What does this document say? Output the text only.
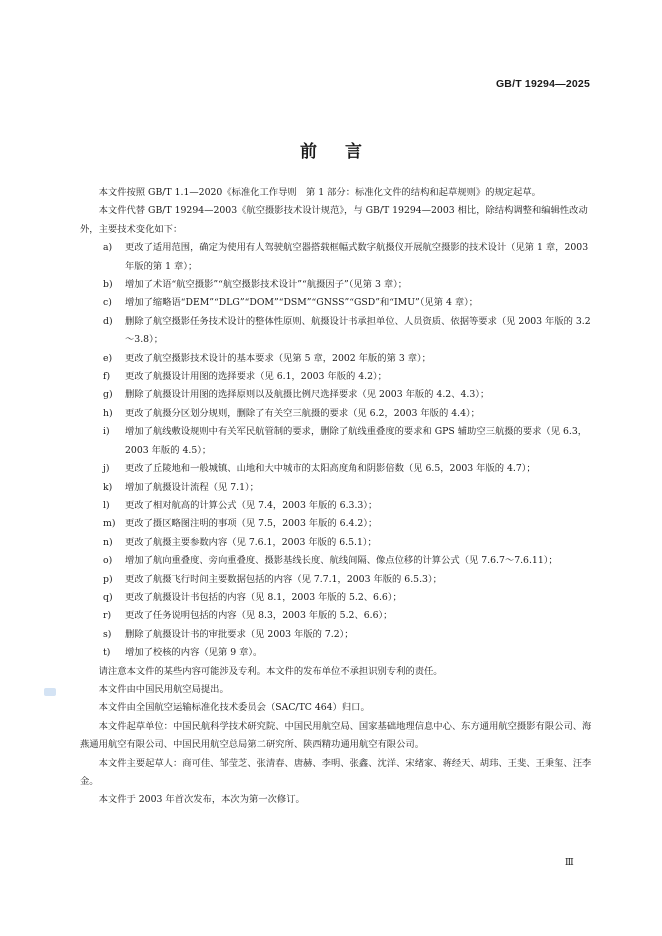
GB/T 19294—2025
前言

本文件按照 GB/T 1.1—2020《标准化工作导则　第 1 部分：标准化文件的结构和起草规则》的规定起草。

本文件代替 GB/T 19294—2003《航空摄影技术设计规范》，与 GB/T 19294—2003 相比，除结构调整和编辑性改动外，主要技术变化如下：

a) 更改了适用范围，确定为使用有人驾驶航空器搭载框幅式数字航摄仪开展航空摄影的技术设计（见第 1 章，2003 年版的第 1 章）；
b) 增加了术语“航空摄影”“航空摄影技术设计”“航摄因子”（见第 3 章）；
c) 增加了缩略语“DEM”“DLG”“DOM”“DSM”“GNSS”“GSD”和“IMU”（见第 4 章）；
d) 删除了航空摄影任务技术设计的整体性原则、航摄设计书承担单位、人员资质、依据等要求（见 2003 年版的 3.2～3.8）；
e) 更改了航空摄影技术设计的基本要求（见第 5 章，2002 年版的第 3 章）；
f) 更改了航摄设计用图的选择要求（见 6.1，2003 年版的 4.2）；
g) 删除了航摄设计用图的选择原则以及航摄比例尺选择要求（见 2003 年版的 4.2、4.3）；
h) 更改了航摄分区划分规则，删除了有关空三航摄的要求（见 6.2，2003 年版的 4.4）；
i) 增加了航线敷设规则中有关军民航管制的要求，删除了航线重叠度的要求和 GPS 辅助空三航摄的要求（见 6.3，2003 年版的 4.5）；
j) 更改了丘陵地和一般城镇、山地和大中城市的太阳高度角和阴影倍数（见 6.5，2003 年版的 4.7）；
k) 增加了航摄设计流程（见 7.1）；
l) 更改了相对航高的计算公式（见 7.4，2003 年版的 6.3.3）；
m) 更改了摄区略图注明的事项（见 7.5，2003 年版的 6.4.2）；
n) 更改了航摄主要参数内容（见 7.6.1，2003 年版的 6.5.1）；
o) 增加了航向重叠度、旁向重叠度、摄影基线长度、航线间隔、像点位移的计算公式（见 7.6.7～7.6.11）；
p) 更改了航摄飞行时间主要数据包括的内容（见 7.7.1，2003 年版的 6.5.3）；
q) 更改了航摄设计书包括的内容（见 8.1，2003 年版的 5.2、6.6）；
r) 更改了任务说明包括的内容（见 8.3，2003 年版的 5.2、6.6）；
s) 删除了航摄设计书的审批要求（见 2003 年版的 7.2）；
t) 增加了校核的内容（见第 9 章）。

请注意本文件的某些内容可能涉及专利。本文件的发布单位不承担识别专利的责任。

本文件由中国民用航空局提出。

本文件由全国航空运输标准化技术委员会（SAC/TC 464）归口。

本文件起草单位：中国民航科学技术研究院、中国民用航空局、国家基础地理信息中心、东方通用航空摄影有限公司、海燕通用航空有限公司、中国民用航空总局第二研究所、陕西精功通用航空有限公司。

本文件主要起草人：商可佳、邹莹芝、张清春、唐赫、李明、张鑫、沈洋、宋绪家、蒋经天、胡玮、王斐、王秉玺、汪李金。

本文件于 2003 年首次发布，本次为第一次修订。

Ⅲ
